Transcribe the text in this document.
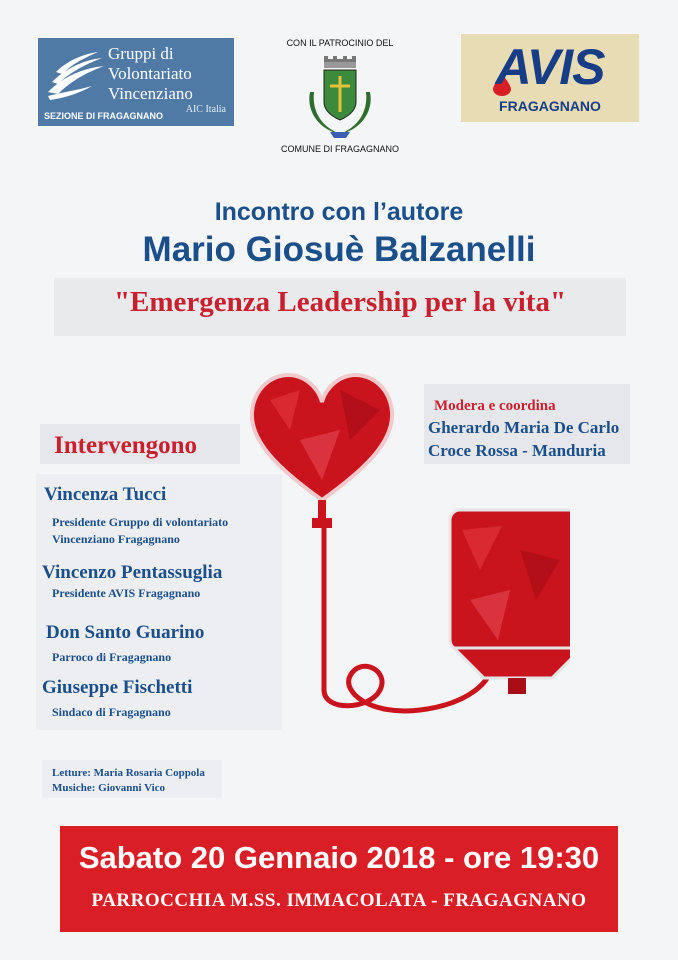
Gruppi di
Volontariato
Vincenziano
AIC Italia
SEZIONE DI FRAGAGNANO
CON IL PATROCINIO DEL
COMUNE DI FRAGAGNANO
AVIS
FRAGAGNANO
Incontro con l’autore
Mario Giosuè Balzanelli
"Emergenza Leadership per la vita"
Modera e coordina
Gherardo Maria De Carlo
Croce Rossa - Manduria
Intervengono
Vincenza Tucci
Presidente Gruppo di volontariato
Vincenziano Fragagnano
Vincenzo Pentassuglia
Presidente AVIS Fragagnano
Don Santo Guarino
Parroco di Fragagnano
Giuseppe Fischetti
Sindaco di Fragagnano
Letture: Maria Rosaria Coppola
Musiche: Giovanni Vico
Sabato 20 Gennaio 2018 - ore 19:30
PARROCCHIA M.SS. IMMACOLATA - FRAGAGNANO
